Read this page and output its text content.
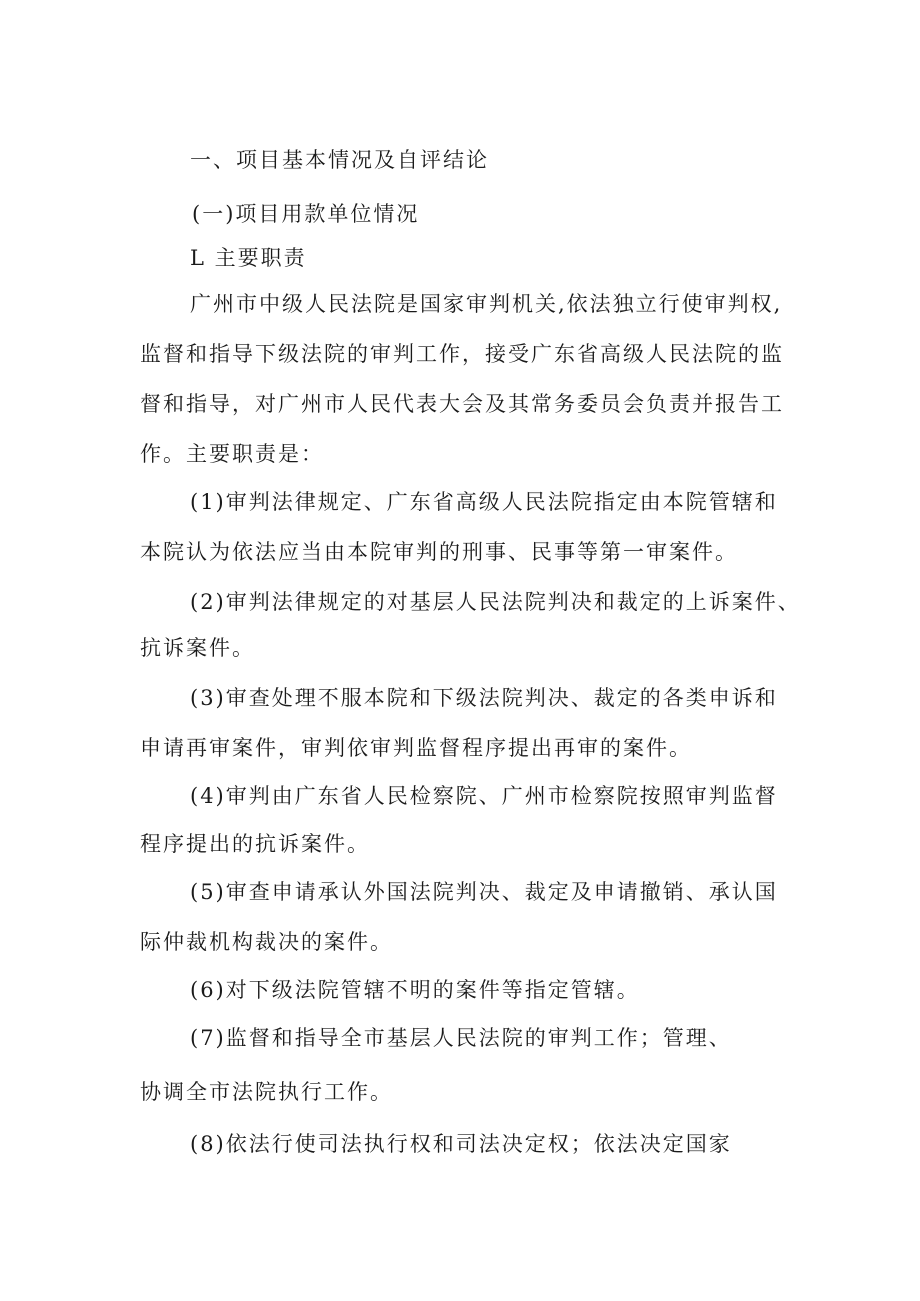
一、项目基本情况及自评结论
(一)项目用款单位情况
L 主要职责
广州市中级人民法院是国家审判机关,依法独立行使审判权,
监督和指导下级法院的审判工作，接受广东省高级人民法院的监
督和指导，对广州市人民代表大会及其常务委员会负责并报告工
作。主要职责是：
(1)审判法律规定、广东省高级人民法院指定由本院管辖和
本院认为依法应当由本院审判的刑事、民事等第一审案件。
(2)审判法律规定的对基层人民法院判决和裁定的上诉案件、
抗诉案件。
(3)审查处理不服本院和下级法院判决、裁定的各类申诉和
申请再审案件，审判依审判监督程序提出再审的案件。
(4)审判由广东省人民检察院、广州市检察院按照审判监督
程序提出的抗诉案件。
(5)审查申请承认外国法院判决、裁定及申请撤销、承认国
际仲裁机构裁决的案件。
(6)对下级法院管辖不明的案件等指定管辖。
(7)监督和指导全市基层人民法院的审判工作；管理、
协调全市法院执行工作。
(8)依法行使司法执行权和司法决定权；依法决定国家
